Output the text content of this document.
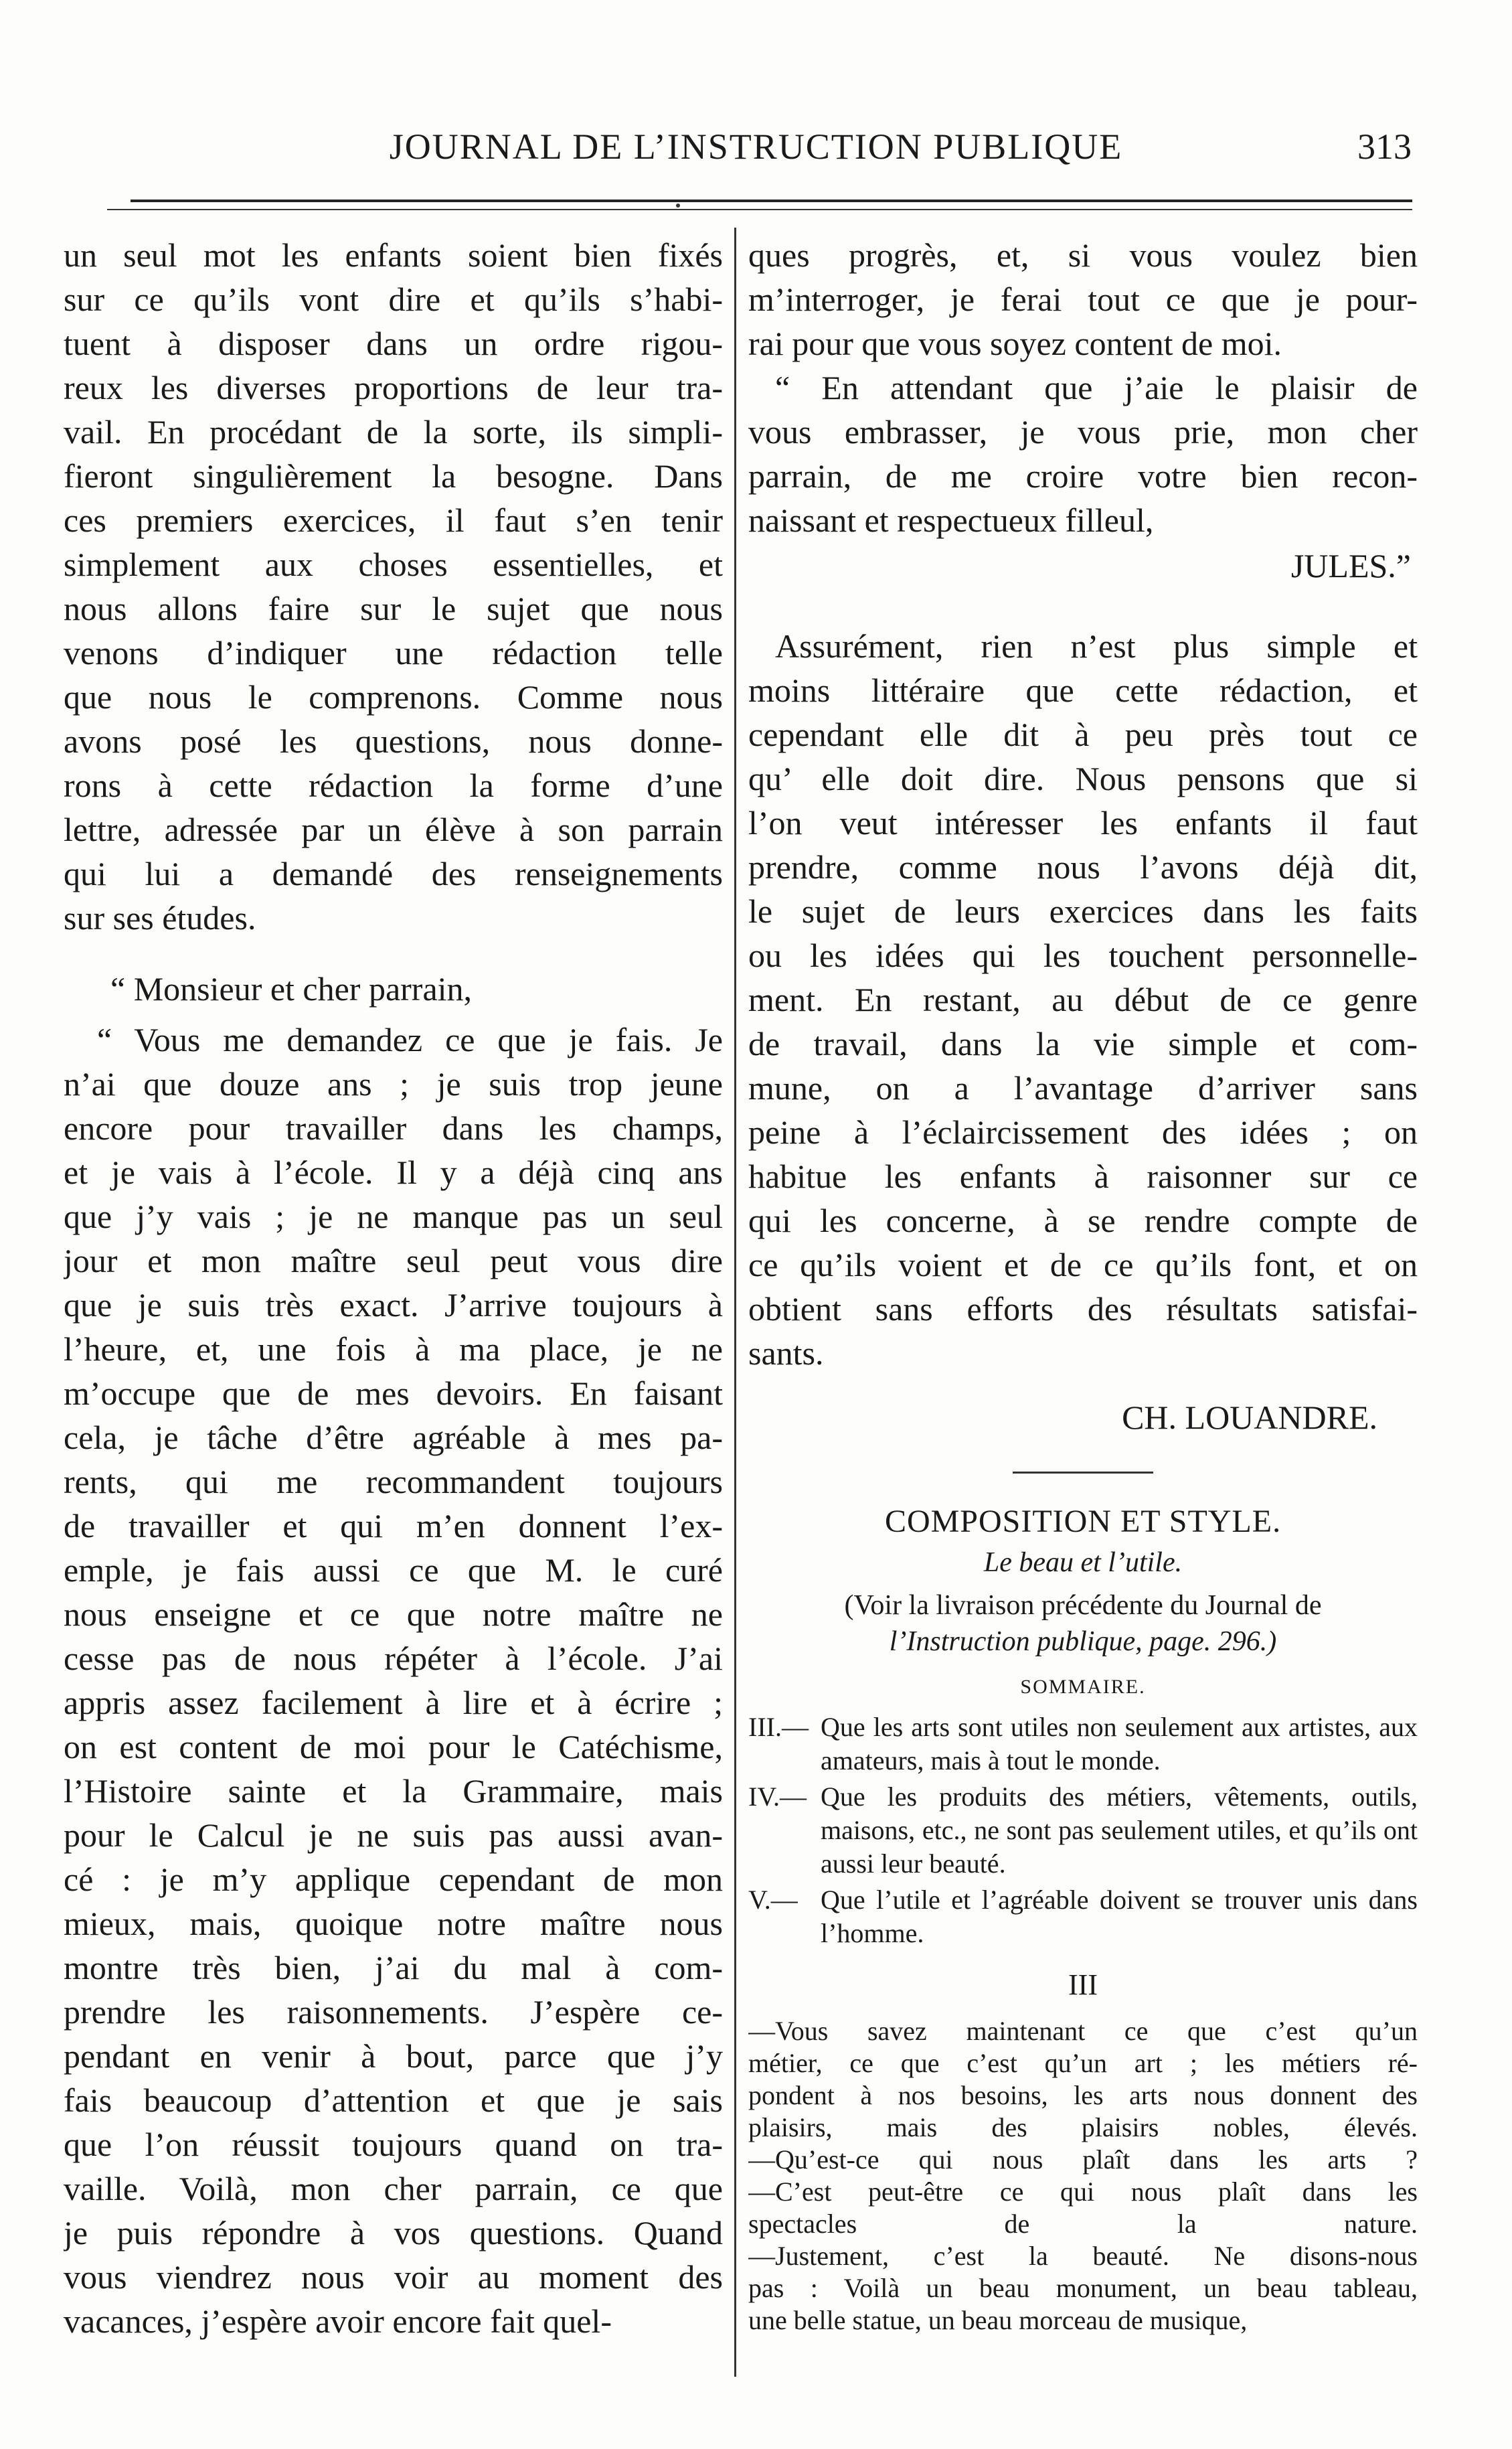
JOURNAL DE L’INSTRUCTION PUBLIQUE	313
un seul mot les enfants soient bien fixés
sur ce qu’ils vont dire et qu’ils s’habi-
tuent à disposer dans un ordre rigou-
reux les diverses proportions de leur tra-
vail. En procédant de la sorte, ils simpli-
fieront singulièrement la besogne. Dans
ces premiers exercices, il faut s’en tenir
simplement aux choses essentielles, et
nous allons faire sur le sujet que nous
venons d’indiquer une rédaction telle
que nous le comprenons. Comme nous
avons posé les questions, nous donne-
rons à cette rédaction la forme d’une
lettre, adressée par un élève à son parrain
qui lui a demandé des renseignements
sur ses études.
“ Monsieur et cher parrain,
“ Vous me demandez ce que je fais. Je
n’ai que douze ans ; je suis trop jeune
encore pour travailler dans les champs,
et je vais à l’école. Il y a déjà cinq ans
que j’y vais ; je ne manque pas un seul
jour et mon maître seul peut vous dire
que je suis très exact. J’arrive toujours à
l’heure, et, une fois à ma place, je ne
m’occupe que de mes devoirs. En faisant
cela, je tâche d’être agréable à mes pa-
rents, qui me recommandent toujours
de travailler et qui m’en donnent l’ex-
emple, je fais aussi ce que M. le curé
nous enseigne et ce que notre maître ne
cesse pas de nous répéter à l’école. J’ai
appris assez facilement à lire et à écrire ;
on est content de moi pour le Catéchisme,
l’Histoire sainte et la Grammaire, mais
pour le Calcul je ne suis pas aussi avan-
cé : je m’y applique cependant de mon
mieux, mais, quoique notre maître nous
montre très bien, j’ai du mal à com-
prendre les raisonnements. J’espère ce-
pendant en venir à bout, parce que j’y
fais beaucoup d’attention et que je sais
que l’on réussit toujours quand on tra-
vaille. Voilà, mon cher parrain, ce que
je puis répondre à vos questions. Quand
vous viendrez nous voir au moment des
vacances, j’espère avoir encore fait quel-
ques progrès, et, si vous voulez bien
m’interroger, je ferai tout ce que je pour-
rai pour que vous soyez content de moi.
“ En attendant que j’aie le plaisir de
vous embrasser, je vous prie, mon cher
parrain, de me croire votre bien recon-
naissant et respectueux filleul,
JULES.”
Assurément, rien n’est plus simple et
moins littéraire que cette rédaction, et
cependant elle dit à peu près tout ce
qu’ elle doit dire. Nous pensons que si
l’on veut intéresser les enfants il faut
prendre, comme nous l’avons déjà dit,
le sujet de leurs exercices dans les faits
ou les idées qui les touchent personnelle-
ment. En restant, au début de ce genre
de travail, dans la vie simple et com-
mune, on a l’avantage d’arriver sans
peine à l’éclaircissement des idées ; on
habitue les enfants à raisonner sur ce
qui les concerne, à se rendre compte de
ce qu’ils voient et de ce qu’ils font, et on
obtient sans efforts des résultats satisfai-
sants.
CH. LOUANDRE.
COMPOSITION ET STYLE.
Le beau et l’utile.
(Voir la livraison précédente du Journal de
l’Instruction publique, page. 296.)
SOMMAIRE.
III.— Que les arts sont utiles non seulement aux artistes, aux amateurs, mais à tout le monde.
IV.— Que les produits des métiers, vêtements, outils, maisons, etc., ne sont pas seulement utiles, et qu’ils ont aussi leur beauté.
V.— Que l’utile et l’agréable doivent se trouver unis dans l’homme.
III
—Vous savez maintenant ce que c’est qu’un
métier, ce que c’est qu’un art ; les métiers ré-
pondent à nos besoins, les arts nous donnent des
plaisirs, mais des plaisirs nobles, élevés.
—Qu’est-ce qui nous plaît dans les arts ?
—C’est peut-être ce qui nous plaît dans les
spectacles de la nature.
—Justement, c’est la beauté. Ne disons-nous
pas : Voilà un beau monument, un beau tableau,
une belle statue, un beau morceau de musique,
